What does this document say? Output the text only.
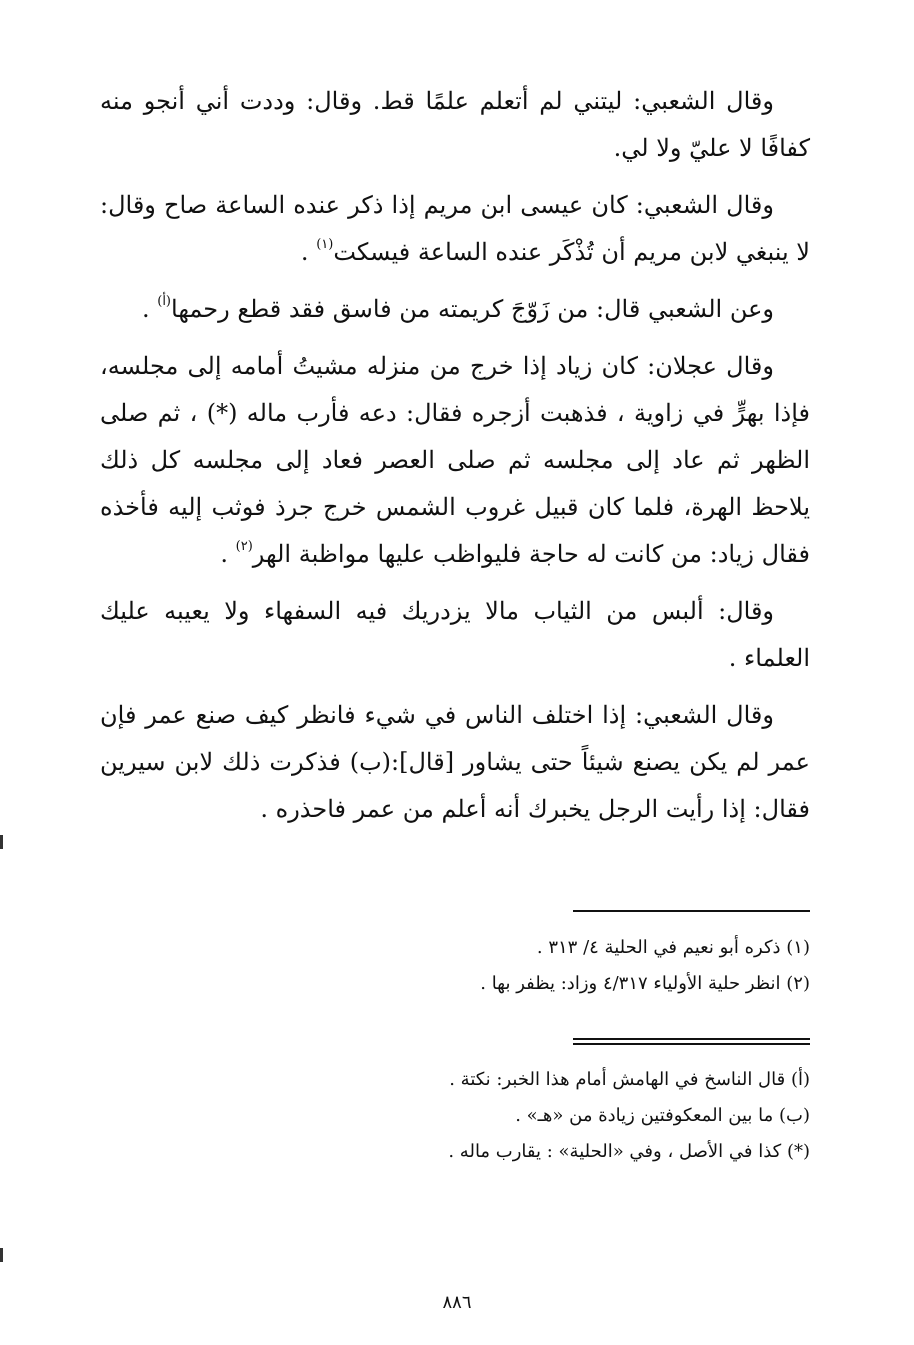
وقال الشعبي: ليتني لم أتعلم علمًا قط. وقال: وددت أني أنجو منه كفافًا لا عليّ ولا لي.

وقال الشعبي: كان عيسى ابن مريم إذا ذكر عنده الساعة صاح وقال: لا ينبغي لابن مريم أن تُذْكَر عنده الساعة فيسكت$^{(١)}$ .

وعن الشعبي قال: من زَوّجَ كريمته من فاسق فقد قطع رحمها$^{(أ)}$ .

وقال عجلان: كان زياد إذا خرج من منزله مشيتُ أمامه إلى مجلسه، فإذا بهرٍّ في زاوية ، فذهبت أزجره فقال: دعه فأرب ماله (*) ، ثم صلى الظهر ثم عاد إلى مجلسه ثم صلى العصر فعاد إلى مجلسه كل ذلك يلاحظ الهرة، فلما كان قبيل غروب الشمس خرج جرذ فوثب إليه فأخذه فقال زياد: من كانت له حاجة فليواظب عليها مواظبة الهر$^{(٢)}$ .

وقال: ألبس من الثياب مالا يزدريك فيه السفهاء ولا يعيبه عليك العلماء .

وقال الشعبي: إذا اختلف الناس في شيء فانظر كيف صنع عمر فإن عمر لم يكن يصنع شيئاً حتى يشاور [قال]:(ب) فذكرت ذلك لابن سيرين فقال: إذا رأيت الرجل يخبرك أنه أعلم من عمر فاحذره .

(١) ذكره أبو نعيم في الحلية ٤/ ٣١٣ .

(٢) انظر حلية الأولياء ٤/٣١٧ وزاد: يظفر بها .

(أ) قال الناسخ في الهامش أمام هذا الخبر: نكتة .

(ب) ما بين المعكوفتين زيادة من «هـ» .

(*) كذا في الأصل ، وفي «الحلية» : يقارب ماله .

٨٨٦
